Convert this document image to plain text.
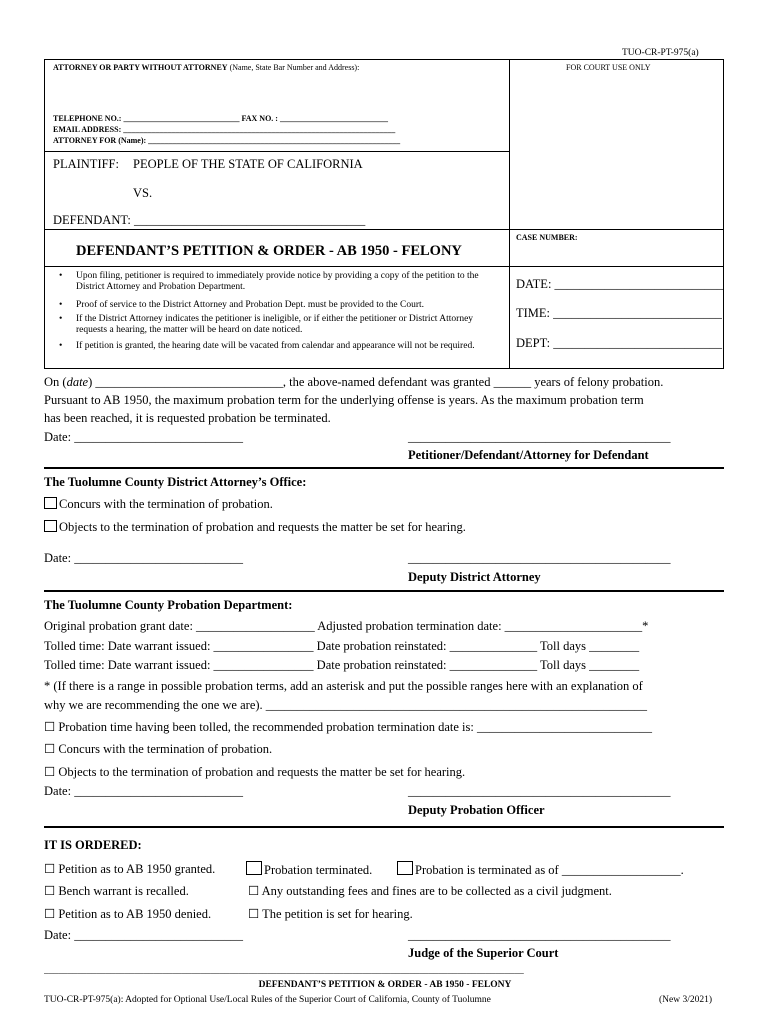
TUO-CR-PT-975(a)
ATTORNEY OR PARTY WITHOUT ATTORNEY (Name, State Bar Number and Address):	FOR COURT USE ONLY
TELEPHONE NO.: _____________________________ FAX NO. : ___________________________
EMAIL ADDRESS: ____________________________________________________________________
ATTORNEY FOR (Name): _______________________________________________________________
PLAINTIFF: PEOPLE OF THE STATE OF CALIFORNIA
VS.
DEFENDANT: _____________________________________
CASE NUMBER:
DEFENDANT’S PETITION & ORDER - AB 1950 - FELONY
• Upon filing, petitioner is required to immediately provide notice by providing a copy of the petition to the District Attorney and Probation Department.
• Proof of service to the District Attorney and Probation Dept. must be provided to the Court.
• If the District Attorney indicates the petitioner is ineligible, or if either the petitioner or District Attorney requests a hearing, the matter will be heard on date noticed.
• If petition is granted, the hearing date will be vacated from calendar and appearance will not be required.
DATE: ___________________________
TIME: ___________________________
DEPT: ___________________________
On (date) ______________________________, the above-named defendant was granted ______ years of felony probation.
Pursuant to AB 1950, the maximum probation term for the underlying offense is years. As the maximum probation term
has been reached, it is requested probation be terminated.
Date: ___________________________	__________________________________________
Petitioner/Defendant/Attorney for Defendant
The Tuolumne County District Attorney’s Office:
Concurs with the termination of probation.
Objects to the termination of probation and requests the matter be set for hearing.
Date: ___________________________	__________________________________________
Deputy District Attorney
The Tuolumne County Probation Department:
Original probation grant date: ___________________ Adjusted probation termination date: ______________________*
Tolled time: Date warrant issued: ________________ Date probation reinstated: ______________ Toll days ________
Tolled time: Date warrant issued: ________________ Date probation reinstated: ______________ Toll days ________
* (If there is a range in possible probation terms, add an asterisk and put the possible ranges here with an explanation of
why we are recommending the one we are). _____________________________________________________________
☐ Probation time having been tolled, the recommended probation termination date is: ____________________________
☐ Concurs with the termination of probation.
☐ Objects to the termination of probation and requests the matter be set for hearing.
Date: ___________________________	__________________________________________
Deputy Probation Officer
IT IS ORDERED:
☐ Petition as to AB 1950 granted.	Probation terminated.	Probation is terminated as of ___________________.
☐ Bench warrant is recalled.	☐ Any outstanding fees and fines are to be collected as a civil judgment.
☐ Petition as to AB 1950 denied.	☐ The petition is set for hearing.
Date: ___________________________	__________________________________________
Judge of the Superior Court
_____________________________________________________________________________________________________
DEFENDANT’S PETITION & ORDER - AB 1950 - FELONY
TUO-CR-PT-975(a): Adopted for Optional Use/Local Rules of the Superior Court of California, County of Tuolumne	(New 3/2021)
